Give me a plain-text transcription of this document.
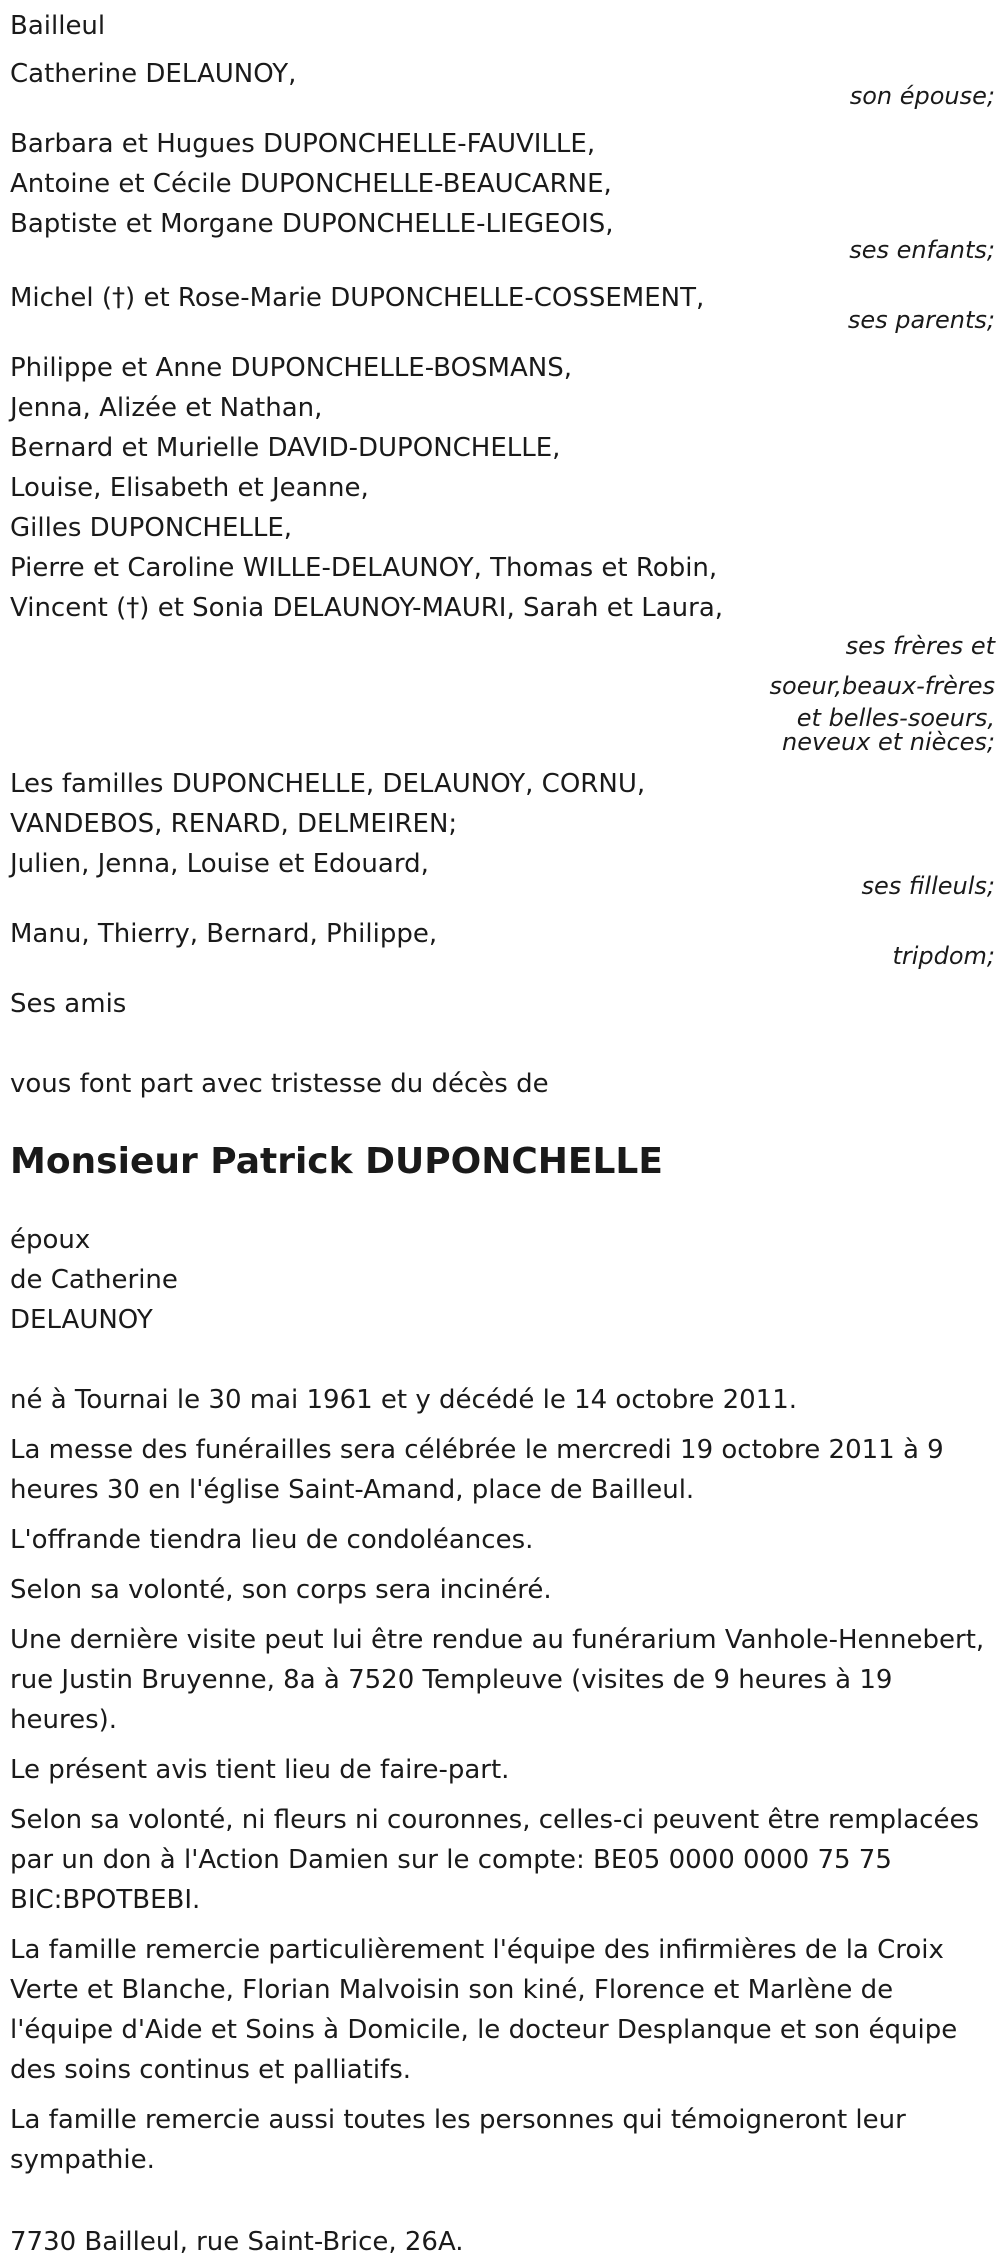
Bailleul
Catherine DELAUNOY,
son épouse;
Barbara et Hugues DUPONCHELLE-FAUVILLE,
Antoine et Cécile DUPONCHELLE-BEAUCARNE,
Baptiste et Morgane DUPONCHELLE-LIEGEOIS,
ses enfants;
Michel (†) et Rose-Marie DUPONCHELLE-COSSEMENT,
ses parents;
Philippe et Anne DUPONCHELLE-BOSMANS,
Jenna, Alizée et Nathan,
Bernard et Murielle DAVID-DUPONCHELLE,
Louise, Elisabeth et Jeanne,
Gilles DUPONCHELLE,
Pierre et Caroline WILLE-DELAUNOY, Thomas et Robin,
Vincent (†) et Sonia DELAUNOY-MAURI, Sarah et Laura,
ses frères et
soeur,beaux-frères
et belles-soeurs,
neveux et nièces;
Les familles DUPONCHELLE, DELAUNOY, CORNU,
VANDEBOS, RENARD, DELMEIREN;
Julien, Jenna, Louise et Edouard,
ses filleuls;
Manu, Thierry, Bernard, Philippe,
tripdom;
Ses amis
vous font part avec tristesse du décès de
Monsieur Patrick DUPONCHELLE
époux
de Catherine
DELAUNOY
né à Tournai le 30 mai 1961 et y décédé le 14 octobre 2011.
La messe des funérailles sera célébrée le mercredi 19 octobre 2011 à 9 heures 30 en l'église Saint-Amand, place de Bailleul.
L'offrande tiendra lieu de condoléances.
Selon sa volonté, son corps sera incinéré.
Une dernière visite peut lui être rendue au funérarium Vanhole-Hennebert, rue Justin Bruyenne, 8a à 7520 Templeuve (visites de 9 heures à 19 heures).
Le présent avis tient lieu de faire-part.
Selon sa volonté, ni fleurs ni couronnes, celles-ci peuvent être remplacées par un don à l'Action Damien sur le compte: BE05 0000 0000 75 75 BIC:BPOTBEBI.
La famille remercie particulièrement l'équipe des infirmières de la Croix Verte et Blanche, Florian Malvoisin son kiné, Florence et Marlène de l'équipe d'Aide et Soins à Domicile, le docteur Desplanque et son équipe des soins continus et palliatifs.
La famille remercie aussi toutes les personnes qui témoigneront leur sympathie.
7730 Bailleul, rue Saint-Brice, 26A.
